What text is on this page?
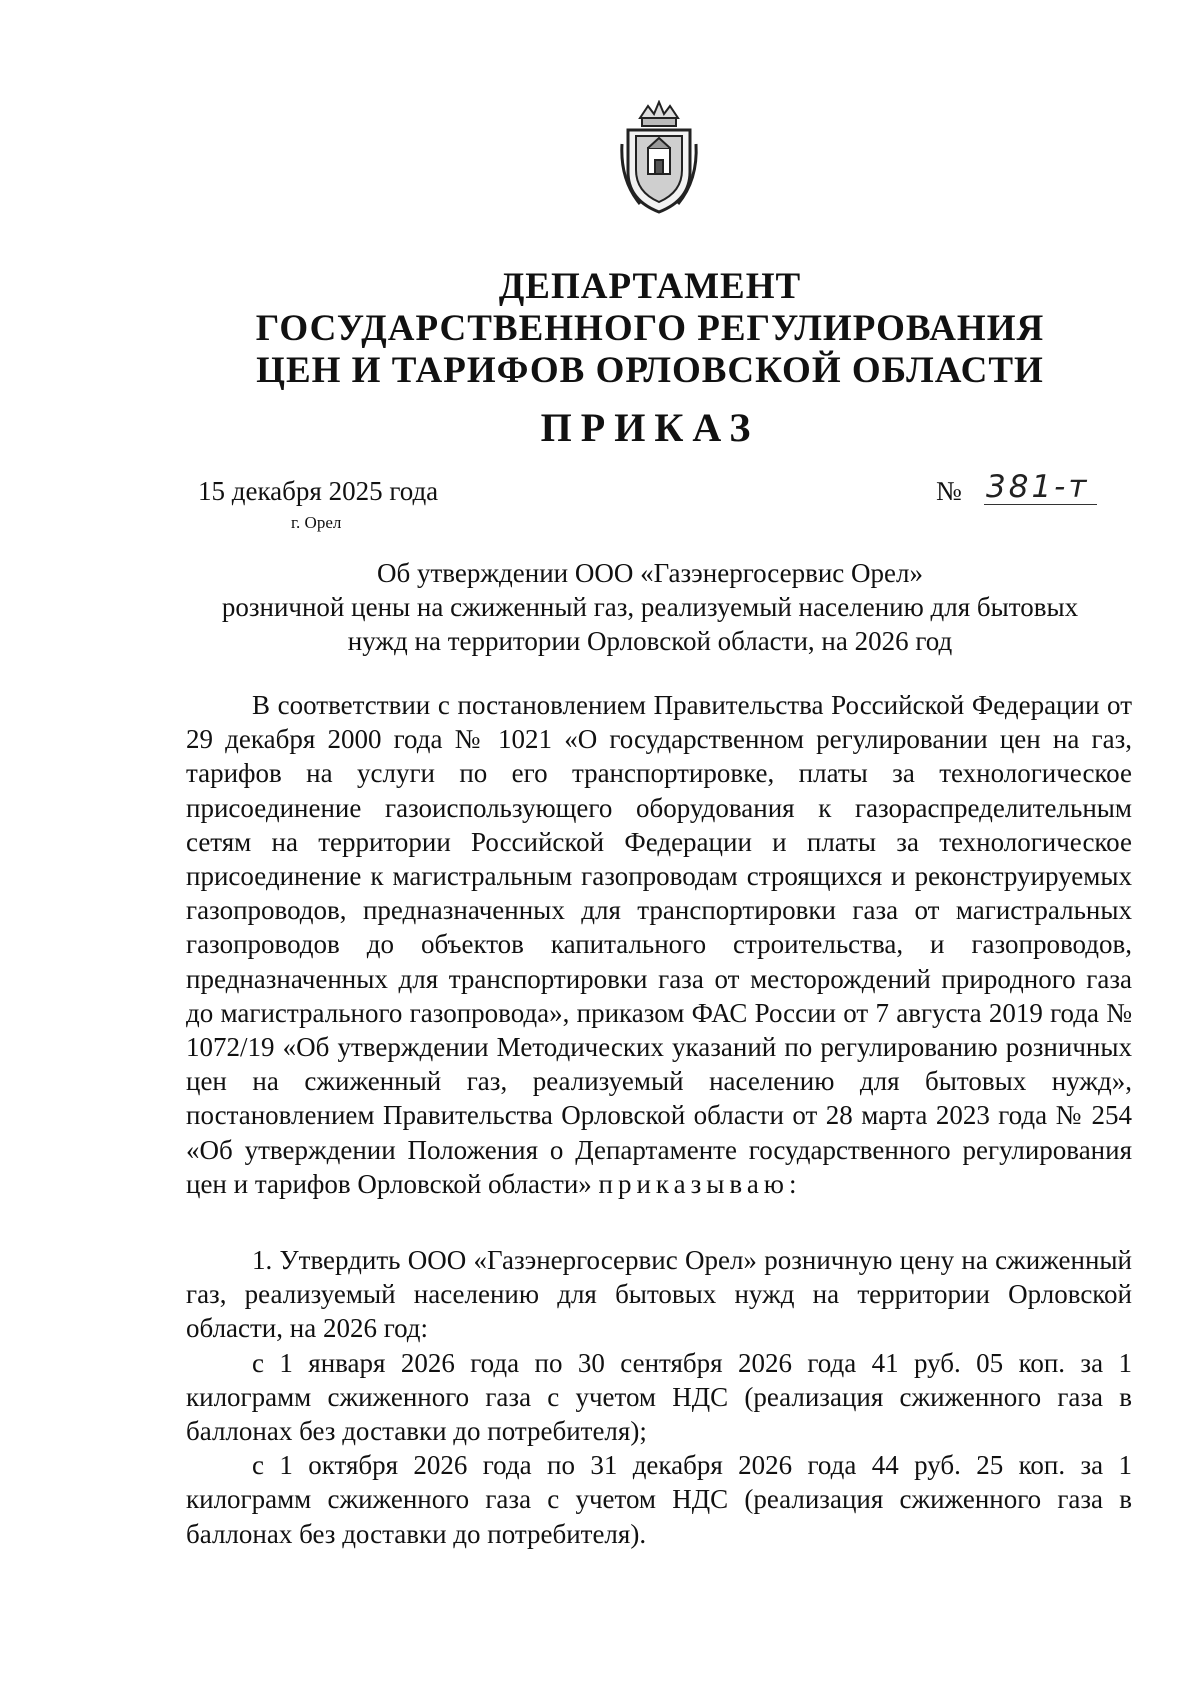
ДЕПАРТАМЕНТ
ГОСУДАРСТВЕННОГО РЕГУЛИРОВАНИЯ
ЦЕН И ТАРИФОВ ОРЛОВСКОЙ ОБЛАСТИ
ПРИКАЗ
15 декабря 2025 года
г. Орел
№ 381-т
Об утверждении ООО «Газэнергосервис Орел»
розничной цены на сжиженный газ, реализуемый населению для бытовых
нужд на территории Орловской области, на 2026 год

В соответствии с постановлением Правительства Российской Федерации от 29 декабря 2000 года № 1021 «О государственном регулировании цен на газ, тарифов на услуги по его транспортировке, платы за технологическое присоединение газоиспользующего оборудования к газораспределительным сетям на территории Российской Федерации и платы за технологическое присоединение к магистральным газопроводам строящихся и реконструируемых газопроводов, предназначенных для транспортировки газа от магистральных газопроводов до объектов капитального строительства, и газопроводов, предназначенных для транспортировки газа от месторождений природного газа до магистрального газопровода», приказом ФАС России от 7 августа 2019 года № 1072/19 «Об утверждении Методических указаний по регулированию розничных цен на сжиженный газ, реализуемый населению для бытовых нужд», постановлением Правительства Орловской области от 28 марта 2023 года № 254 «Об утверждении Положения о Департаменте государственного регулирования цен и тарифов Орловской области» приказываю:

1. Утвердить ООО «Газэнергосервис Орел» розничную цену на сжиженный газ, реализуемый населению для бытовых нужд на территории Орловской области, на 2026 год:

с 1 января 2026 года по 30 сентября 2026 года 41 руб. 05 коп. за 1 килограмм сжиженного газа с учетом НДС (реализация сжиженного газа в баллонах без доставки до потребителя);

с 1 октября 2026 года по 31 декабря 2026 года 44 руб. 25 коп. за 1 килограмм сжиженного газа с учетом НДС (реализация сжиженного газа в баллонах без доставки до потребителя).
